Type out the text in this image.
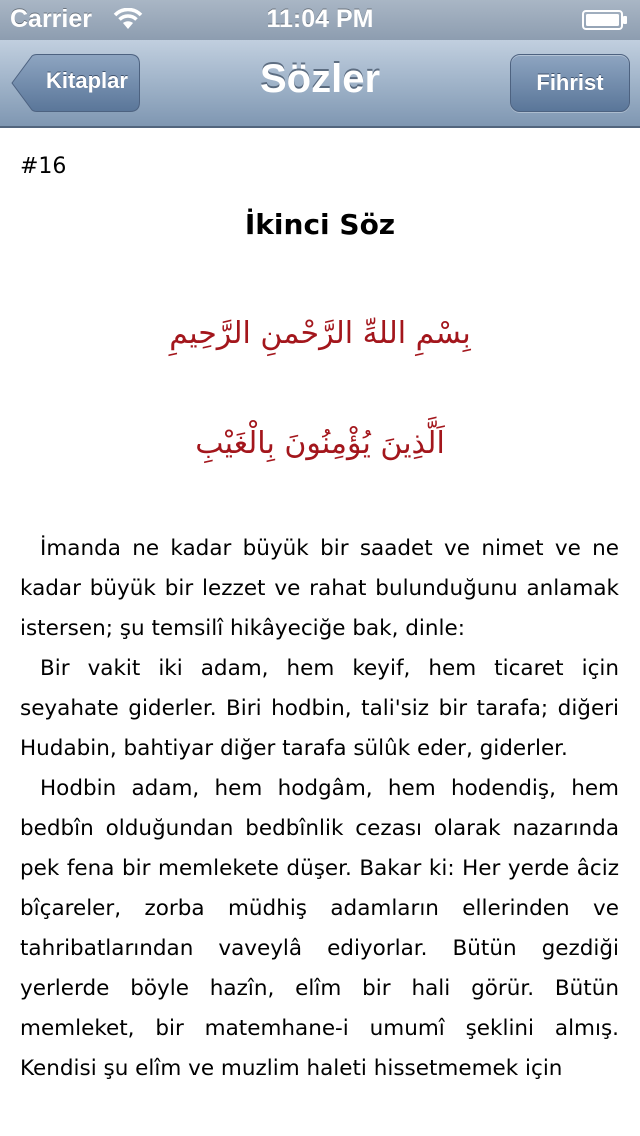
Carrier	11:04 PM
Kitaplar	Sözler	Fihrist
#16
İkinci Söz
بِسْمِ اللهِّ الرَّحْمنِ الرَّحِيمِ
اَلَّذِينَ يُؤْمِنُونَ بِالْغَيْبِ

İmanda ne kadar büyük bir saadet ve nimet ve ne kadar büyük bir lezzet ve rahat bulunduğunu anlamak istersen; şu temsilî hikâyeciğe bak, dinle:

Bir vakit iki adam, hem keyif, hem ticaret için seyahate giderler. Biri hodbin, tali'siz bir tarafa; diğeri Hudabin, bahtiyar diğer tarafa sülûk eder, giderler.

Hodbin adam, hem hodgâm, hem hodendiş, hem bedbîn olduğundan bedbînlik cezası olarak nazarında pek fena bir memlekete düşer. Bakar ki: Her yerde âciz bîçareler, zorba müdhiş adamların ellerinden ve tahribatlarından vaveylâ ediyorlar. Bütün gezdiği yerlerde böyle hazîn, elîm bir hali görür. Bütün memleket, bir matemhane-i umumî şeklini almış. Kendisi şu elîm ve muzlim haleti hissetmemek için
